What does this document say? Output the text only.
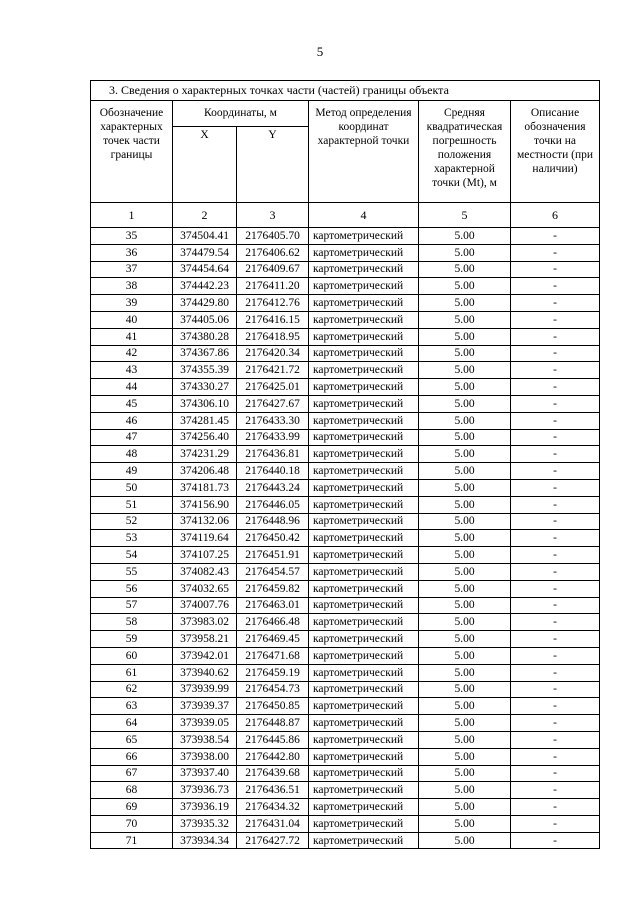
5
3. Сведения о характерных точках части (частей) границы объекта					
Обозначение характерных точек части границы	Координаты, м		Метод определения координат характерной точки	Средняя квадратическая погрешность положения характерной точки (Mt), м	Описание обозначения точки на местности (при наличии)
	X	Y			
1	2	3	4	5	6
35	374504.41	2176405.70	картометрический	5.00	-
36	374479.54	2176406.62	картометрический	5.00	-
37	374454.64	2176409.67	картометрический	5.00	-
38	374442.23	2176411.20	картометрический	5.00	-
39	374429.80	2176412.76	картометрический	5.00	-
40	374405.06	2176416.15	картометрический	5.00	-
41	374380.28	2176418.95	картометрический	5.00	-
42	374367.86	2176420.34	картометрический	5.00	-
43	374355.39	2176421.72	картометрический	5.00	-
44	374330.27	2176425.01	картометрический	5.00	-
45	374306.10	2176427.67	картометрический	5.00	-
46	374281.45	2176433.30	картометрический	5.00	-
47	374256.40	2176433.99	картометрический	5.00	-
48	374231.29	2176436.81	картометрический	5.00	-
49	374206.48	2176440.18	картометрический	5.00	-
50	374181.73	2176443.24	картометрический	5.00	-
51	374156.90	2176446.05	картометрический	5.00	-
52	374132.06	2176448.96	картометрический	5.00	-
53	374119.64	2176450.42	картометрический	5.00	-
54	374107.25	2176451.91	картометрический	5.00	-
55	374082.43	2176454.57	картометрический	5.00	-
56	374032.65	2176459.82	картометрический	5.00	-
57	374007.76	2176463.01	картометрический	5.00	-
58	373983.02	2176466.48	картометрический	5.00	-
59	373958.21	2176469.45	картометрический	5.00	-
60	373942.01	2176471.68	картометрический	5.00	-
61	373940.62	2176459.19	картометрический	5.00	-
62	373939.99	2176454.73	картометрический	5.00	-
63	373939.37	2176450.85	картометрический	5.00	-
64	373939.05	2176448.87	картометрический	5.00	-
65	373938.54	2176445.86	картометрический	5.00	-
66	373938.00	2176442.80	картометрический	5.00	-
67	373937.40	2176439.68	картометрический	5.00	-
68	373936.73	2176436.51	картометрический	5.00	-
69	373936.19	2176434.32	картометрический	5.00	-
70	373935.32	2176431.04	картометрический	5.00	-
71	373934.34	2176427.72	картометрический	5.00	-
